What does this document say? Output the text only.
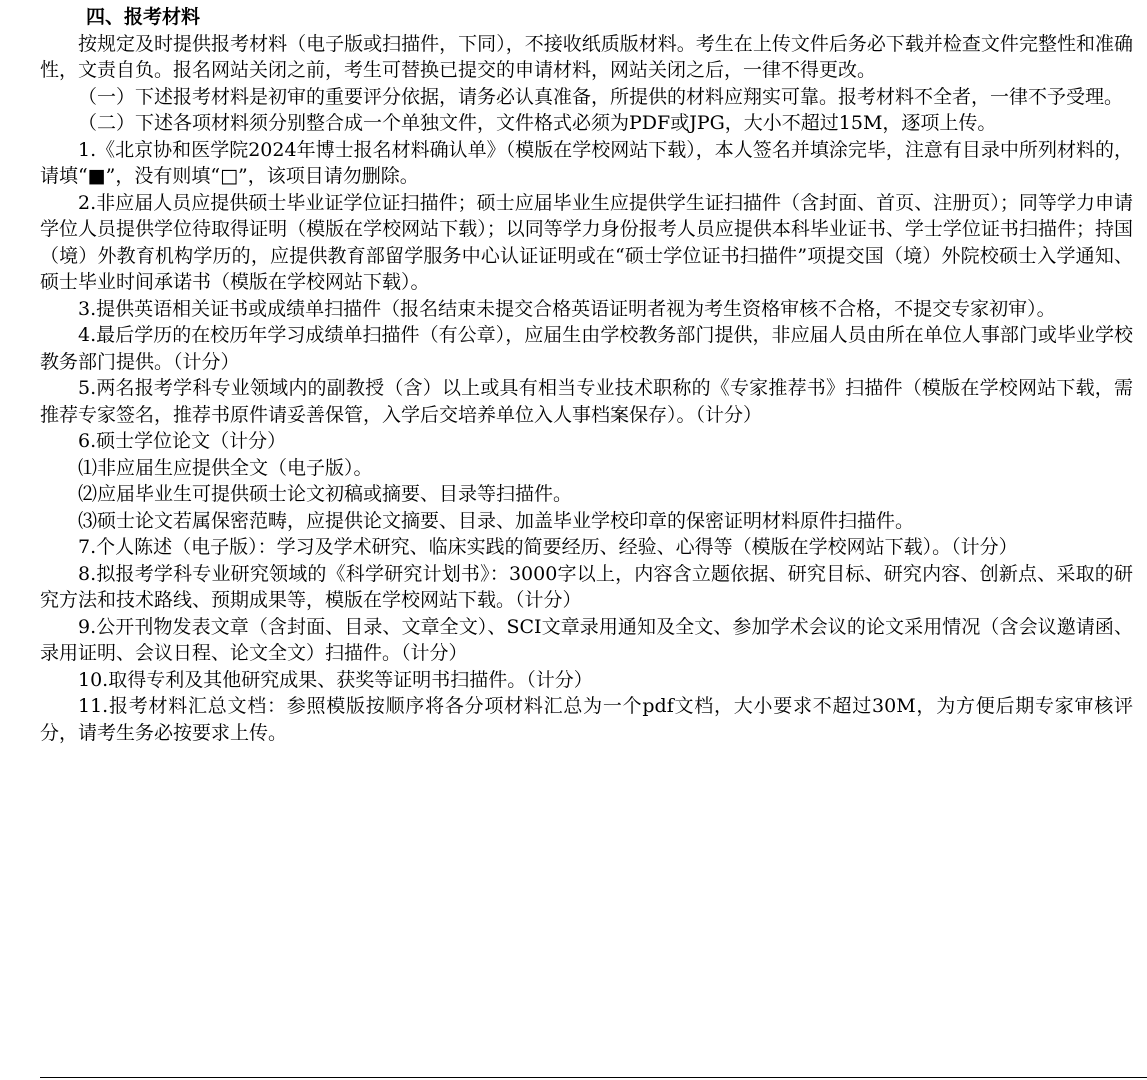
四、报考材料

按规定及时提供报考材料（电子版或扫描件，下同），不接收纸质版材料。考生在上传文件后务必下载并检查文件完整性和准确性，文责自负。报名网站关闭之前，考生可替换已提交的申请材料，网站关闭之后，一律不得更改。

（一）下述报考材料是初审的重要评分依据，请务必认真准备，所提供的材料应翔实可靠。报考材料不全者，一律不予受理。

（二）下述各项材料须分别整合成一个单独文件，文件格式必须为PDF或JPG，大小不超过15M，逐项上传。

1.《北京协和医学院2024年博士报名材料确认单》（模版在学校网站下载），本人签名并填涂完毕，注意有目录中所列材料的，请填“■”，没有则填“□”，该项目请勿删除。

2.非应届人员应提供硕士毕业证学位证扫描件；硕士应届毕业生应提供学生证扫描件（含封面、首页、注册页）；同等学力申请学位人员提供学位待取得证明（模版在学校网站下载）；以同等学力身份报考人员应提供本科毕业证书、学士学位证书扫描件；持国（境）外教育机构学历的，应提供教育部留学服务中心认证证明或在“硕士学位证书扫描件”项提交国（境）外院校硕士入学通知、硕士毕业时间承诺书（模版在学校网站下载）。

3.提供英语相关证书或成绩单扫描件（报名结束未提交合格英语证明者视为考生资格审核不合格，不提交专家初审）。

4.最后学历的在校历年学习成绩单扫描件（有公章），应届生由学校教务部门提供，非应届人员由所在单位人事部门或毕业学校教务部门提供。（计分）

5.两名报考学科专业领域内的副教授（含）以上或具有相当专业技术职称的《专家推荐书》扫描件（模版在学校网站下载，需推荐专家签名，推荐书原件请妥善保管，入学后交培养单位入人事档案保存）。（计分）

6.硕士学位论文（计分）

⑴非应届生应提供全文（电子版）。

⑵应届毕业生可提供硕士论文初稿或摘要、目录等扫描件。

⑶硕士论文若属保密范畴，应提供论文摘要、目录、加盖毕业学校印章的保密证明材料原件扫描件。

7.个人陈述（电子版）：学习及学术研究、临床实践的简要经历、经验、心得等（模版在学校网站下载）。（计分）

8.拟报考学科专业研究领域的《科学研究计划书》：3000字以上，内容含立题依据、研究目标、研究内容、创新点、采取的研究方法和技术路线、预期成果等，模版在学校网站下载。（计分）

9.公开刊物发表文章（含封面、目录、文章全文）、SCI文章录用通知及全文、参加学术会议的论文采用情况（含会议邀请函、录用证明、会议日程、论文全文）扫描件。（计分）

10.取得专利及其他研究成果、获奖等证明书扫描件。（计分）

11.报考材料汇总文档：参照模版按顺序将各分项材料汇总为一个pdf文档，大小要求不超过30M，为方便后期专家审核评分，请考生务必按要求上传。
